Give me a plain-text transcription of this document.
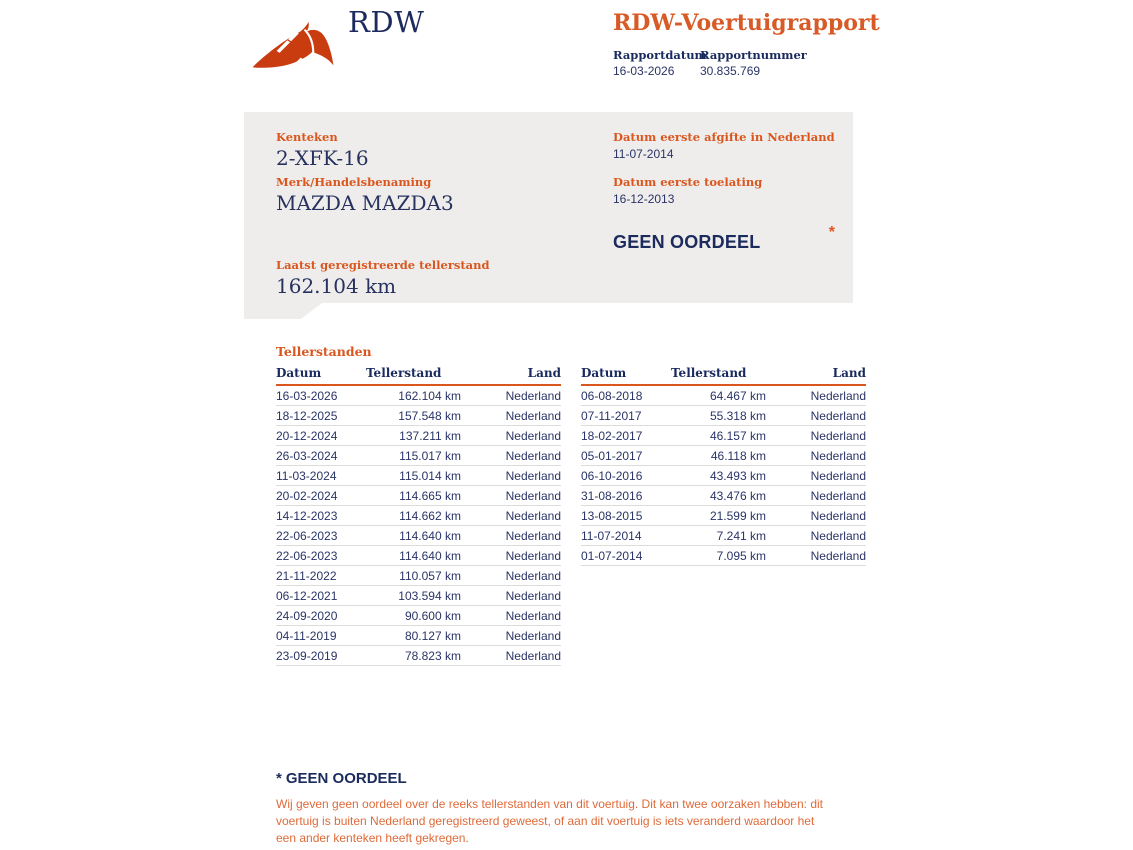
RDW	RDW-Voertuigrapport
Rapportdatum
16-03-2026
Rapportnummer
30.835.769
Kenteken
2-XFK-16
Merk/Handelsbenaming
MAZDA MAZDA3
Laatst geregistreerde tellerstand
162.104 km
Datum eerste afgifte in Nederland
11-07-2014
Datum eerste toelating
16-12-2013
GEEN OORDEEL	*
Tellerstanden
Datum	Tellerstand	Land
16-03-2026	162.104 km	Nederland
18-12-2025	157.548 km	Nederland
20-12-2024	137.211 km	Nederland
26-03-2024	115.017 km	Nederland
11-03-2024	115.014 km	Nederland
20-02-2024	114.665 km	Nederland
14-12-2023	114.662 km	Nederland
22-06-2023	114.640 km	Nederland
22-06-2023	114.640 km	Nederland
21-11-2022	110.057 km	Nederland
06-12-2021	103.594 km	Nederland
24-09-2020	90.600 km	Nederland
04-11-2019	80.127 km	Nederland
23-09-2019	78.823 km	Nederland
Datum	Tellerstand	Land
06-08-2018	64.467 km	Nederland
07-11-2017	55.318 km	Nederland
18-02-2017	46.157 km	Nederland
05-01-2017	46.118 km	Nederland
06-10-2016	43.493 km	Nederland
31-08-2016	43.476 km	Nederland
13-08-2015	21.599 km	Nederland
11-07-2014	7.241 km	Nederland
01-07-2014	7.095 km	Nederland
* GEEN OORDEEL

Wij geven geen oordeel over de reeks tellerstanden van dit voertuig. Dit kan twee oorzaken hebben: dit voertuig is buiten Nederland geregistreerd geweest, of aan dit voertuig is iets veranderd waardoor het een ander kenteken heeft gekregen.
